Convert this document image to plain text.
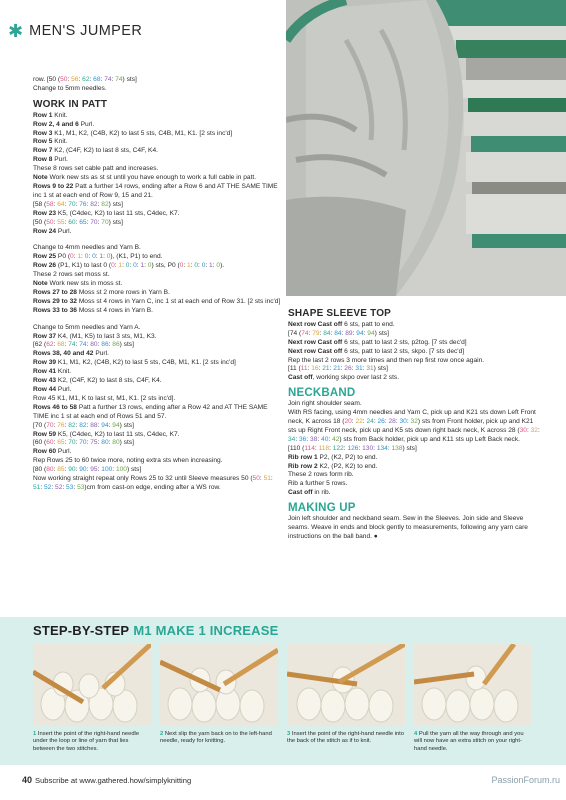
✱ MEN'S JUMPER

row. [50 (50: 56: 62: 68: 74: 74) sts]

Change to 5mm needles.

WORK IN PATT

Row 1 Knit.

Row 2, 4 and 6 Purl.

Row 3 K1, M1, K2, (C4B, K2) to last 5 sts, C4B, M1, K1. [2 sts inc'd]

Row 5 Knit.

Row 7 K2, (C4F, K2) to last 8 sts, C4F, K4.

Row 8 Purl.

These 8 rows set cable patt and increases.

Note Work new sts as st st until you have enough to work a full cable in patt.

Rows 9 to 22 Patt a further 14 rows, ending after a Row 6 and AT THE SAME TIME inc 1 st at each end of Row 9, 15 and 21.

[58 (58: 64: 70: 76: 82: 82) sts]

Row 23 K5, (C4dec, K2) to last 11 sts, C4dec, K7.

[50 (50: 55: 60: 65: 70: 70) sts]

Row 24 Purl.

Change to 4mm needles and Yarn B.

Row 25 P0 (0: 1: 0: 0: 1: 0), (K1, P1) to end.

Row 26 (P1, K1) to last 0 (0: 1: 0: 0: 1: 0) sts, P0 (0: 1: 0: 0: 1: 0).

These 2 rows set moss st.

Note Work new sts in moss st.

Rows 27 to 28 Moss st 2 more rows in Yarn B.

Rows 29 to 32 Moss st 4 rows in Yarn C, inc 1 st at each end of Row 31. [2 sts inc'd]

Rows 33 to 36 Moss st 4 rows in Yarn B.

Change to 5mm needles and Yarn A.

Row 37 K4, (M1, K5) to last 3 sts, M1, K3.

[62 (62: 68: 74: 74: 80: 86: 86) sts]

Rows 38, 40 and 42 Purl.

Row 39 K1, M1, K2, (C4B, K2) to last 5 sts, C4B, M1, K1. [2 sts inc'd]

Row 41 Knit.

Row 43 K2, (C4F, K2) to last 8 sts, C4F, K4.

Row 44 Purl.

Row 45 K1, M1, K to last st, M1, K1. [2 sts inc'd].

Rows 46 to 58 Patt a further 13 rows, ending after a Row 42 and AT THE SAME TIME inc 1 st at each end of Rows 51 and 57.

[70 (70: 76: 82: 82: 88: 94: 94) sts]

Row 59 K5, (C4dec, K2) to last 11 sts, C4dec, K7.

[60 (60: 65: 70: 70: 75: 80: 80) sts]

Row 60 Purl.

Rep Rows 25 to 60 twice more, noting extra sts when increasing.

[80 (80: 85: 90: 90: 95: 100: 100) sts]

Now working straight repeat only Rows 25 to 32 until Sleeve measures 50 (50: 51: 51: 52: 52: 53: 53)cm from cast-on edge, ending after a WS row.

SHAPE SLEEVE TOP

Next row Cast off 6 sts, patt to end.

[74 (74: 79: 84: 84: 89: 94: 94) sts]

Next row Cast off 6 sts, patt to last 2 sts, p2tog. [7 sts dec'd]

Next row Cast off 6 sts, patt to last 2 sts, skpo. [7 sts dec'd]

Rep the last 2 rows 3 more times and then rep first row once again.

[11 (11: 16: 21: 21: 26: 31: 31) sts]

Cast off, working skpo over last 2 sts.

NECKBAND

Join right shoulder seam.

With RS facing, using 4mm needles and Yarn C, pick up and K21 sts down Left Front neck, K across 18 (20: 22: 24: 26: 28: 30: 32) sts from Front holder, pick up and K21 sts up Right Front neck, pick up and K5 sts down right back neck, K across 28 (30: 32: 34: 36: 38: 40: 42) sts from Back holder, pick up and K11 sts up Left Back neck.

[110 (114: 118: 122: 126: 130: 134: 138) sts]

Rib row 1 P2, (K2, P2) to end.

Rib row 2 K2, (P2, K2) to end.

These 2 rows form rib.

Rib a further 5 rows.

Cast off in rib.

MAKING UP

Join left shoulder and neckband seam. Sew in the Sleeves. Join side and Sleeve seams. Weave in ends and block gently to measurements, following any yarn care instructions on the ball band. ●

STEP-BY-STEP M1 MAKE 1 INCREASE
1 Insert the point of the right-hand needle under the loop or line of yarn that lies between the two stitches.
2 Next slip the yarn back on to the left-hand needle, ready for knitting.
3 Insert the point of the right-hand needle into the back of the stitch as if to knit.
4 Pull the yarn all the way through and you will now have an extra stitch on your right-hand needle.
40 Subscribe at www.gathered.how/simplyknitting	PassionForum.ru
